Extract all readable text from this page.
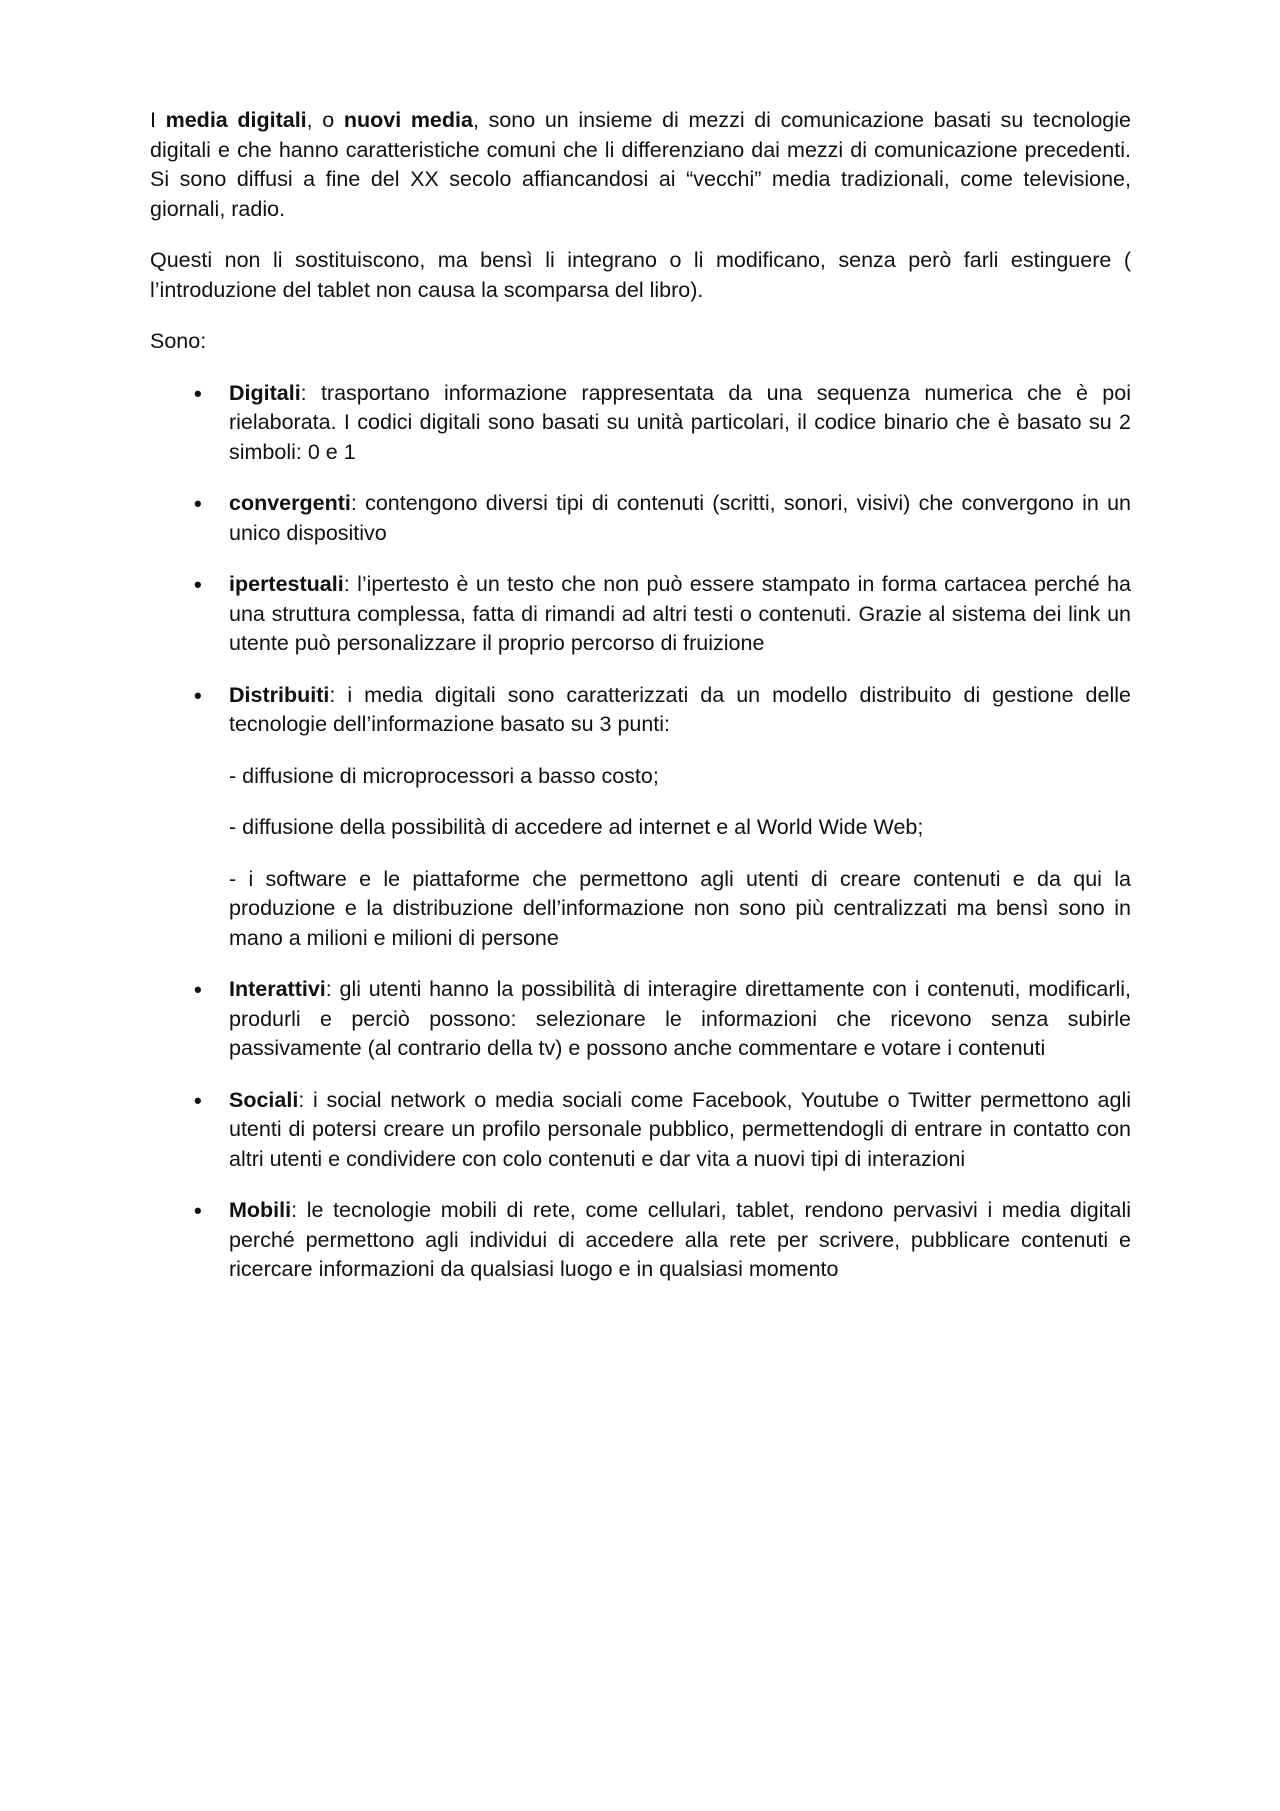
I media digitali, o nuovi media, sono un insieme di mezzi di comunicazione basati su tecnologie digitali e che hanno caratteristiche comuni che li differenziano dai mezzi di comunicazione precedenti. Si sono diffusi a fine del XX secolo affiancandosi ai “vecchi” media tradizionali, come televisione, giornali, radio.

Questi non li sostituiscono, ma bensì li integrano o li modificano, senza però farli estinguere ( l’introduzione del tablet non causa la scomparsa del libro).

Sono:

• Digitali: trasportano informazione rappresentata da una sequenza numerica che è poi rielaborata. I codici digitali sono basati su unità particolari, il codice binario che è basato su 2 simboli: 0 e 1
• convergenti: contengono diversi tipi di contenuti (scritti, sonori, visivi) che convergono in un unico dispositivo
• ipertestuali: l’ipertesto è un testo che non può essere stampato in forma cartacea perché ha una struttura complessa, fatta di rimandi ad altri testi o contenuti. Grazie al sistema dei link un utente può personalizzare il proprio percorso di fruizione
• Distribuiti: i media digitali sono caratterizzati da un modello distribuito di gestione delle tecnologie dell’informazione basato su 3 punti:
- diffusione di microprocessori a basso costo;
- diffusione della possibilità di accedere ad internet e al World Wide Web;
- i software e le piattaforme che permettono agli utenti di creare contenuti e da qui la produzione e la distribuzione dell’informazione non sono più centralizzati ma bensì sono in mano a milioni e milioni di persone
• Interattivi: gli utenti hanno la possibilità di interagire direttamente con i contenuti, modificarli, produrli e perciò possono: selezionare le informazioni che ricevono senza subirle passivamente (al contrario della tv) e possono anche commentare e votare i contenuti
• Sociali: i social network o media sociali come Facebook, Youtube o Twitter permettono agli utenti di potersi creare un profilo personale pubblico, permettendogli di entrare in contatto con altri utenti e condividere con colo contenuti e dar vita a nuovi tipi di interazioni
• Mobili: le tecnologie mobili di rete, come cellulari, tablet, rendono pervasivi i media digitali perché permettono agli individui di accedere alla rete per scrivere, pubblicare contenuti e ricercare informazioni da qualsiasi luogo e in qualsiasi momento
